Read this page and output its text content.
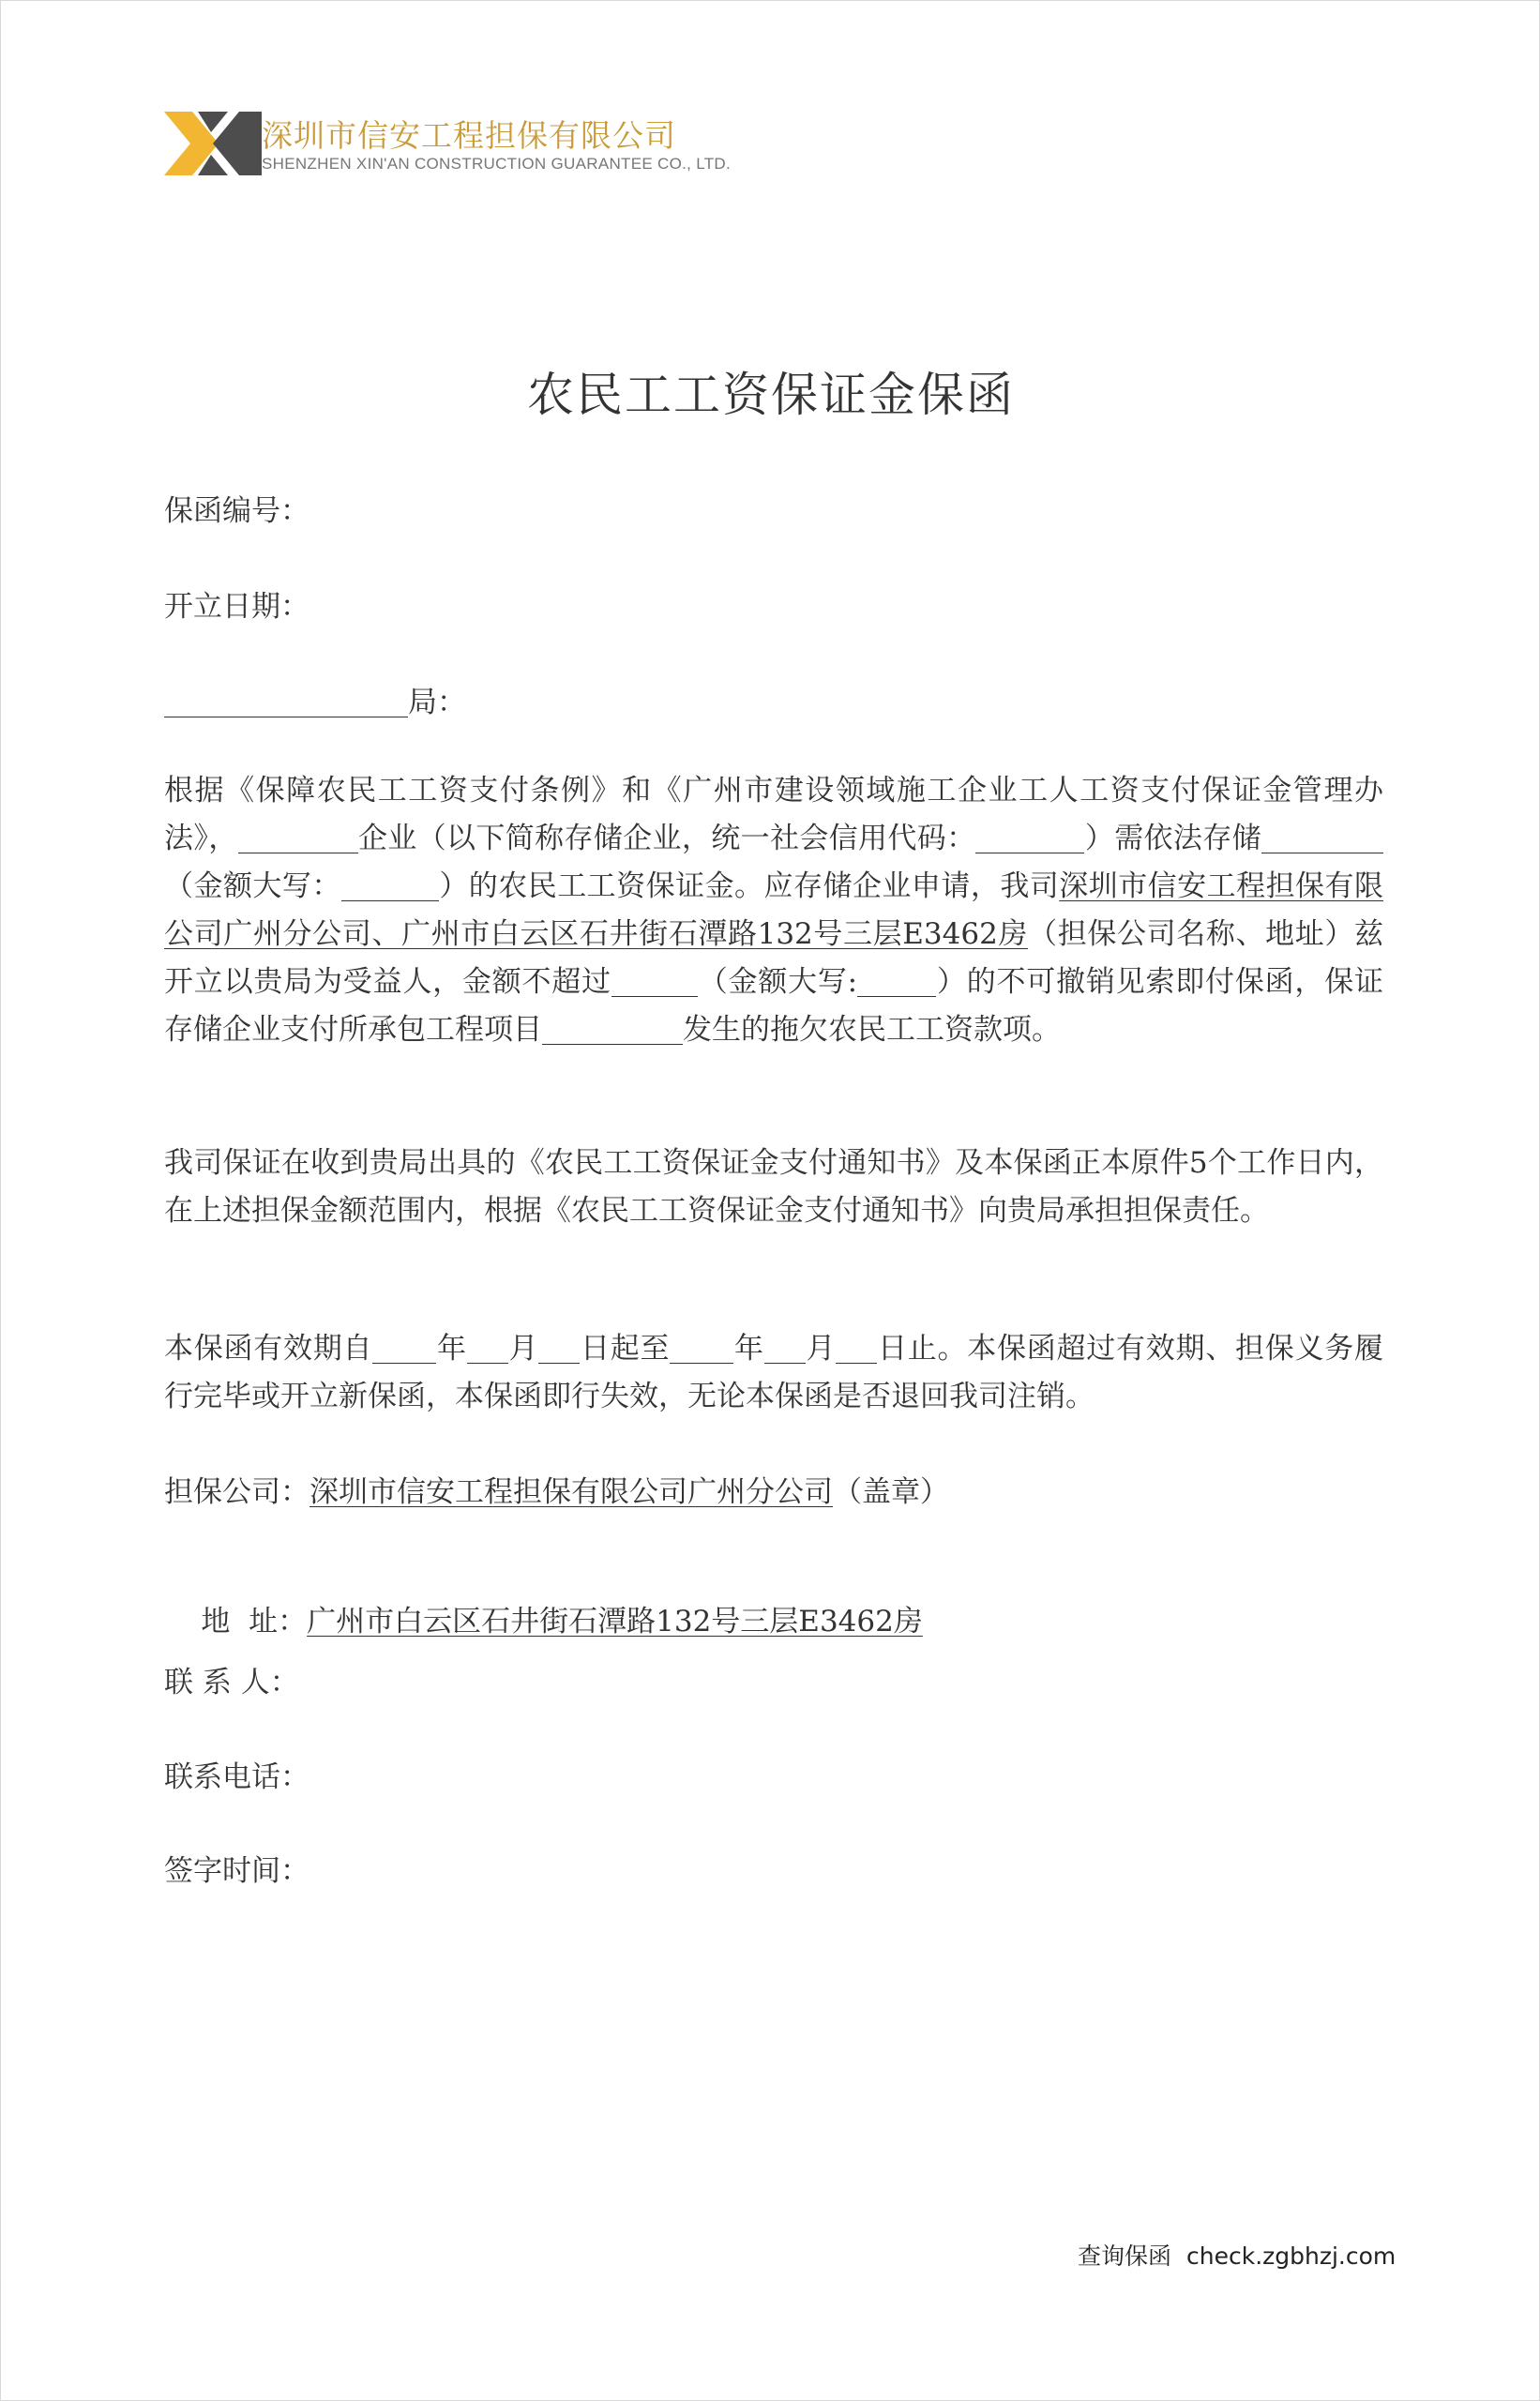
深圳市信安工程担保有限公司
SHENZHEN XIN'AN CONSTRUCTION GUARANTEE CO., LTD.
农民工工资保证金保函
保函编号：
开立日期：
局：
根据《保障农民工工资支付条例》和《广州市建设领域施工企业工人工资支付保证金管理办法》，	企业（以下简称存储企业，统一社会信用代码：	）需依法存储（金额大写：	）的农民工工资保证金。应存储企业申请，我司深圳市信安工程担保有限公司广州分公司、广州市白云区石井街石潭路132号三层E3462房（担保公司名称、地址）兹开立以贵局为受益人，金额不超过	（金额大写:	）的不可撤销见索即付保函，保证存储企业支付所承包工程项目	发生的拖欠农民工工资款项。
我司保证在收到贵局出具的《农民工工资保证金支付通知书》及本保函正本原件5个工作日内，在上述担保金额范围内，根据《农民工工资保证金支付通知书》向贵局承担担保责任。
本保函有效期自 年 月 日起至 年 月 日止。本保函超过有效期、担保义务履行完毕或开立新保函，本保函即行失效，无论本保函是否退回我司注销。
担保公司：深圳市信安工程担保有限公司广州分公司（盖章）

地  址：广州市白云区石井街石潭路132号三层E3462房

联 系 人：
联系电话：
签字时间：
查询保函 check.zgbhzj.com
